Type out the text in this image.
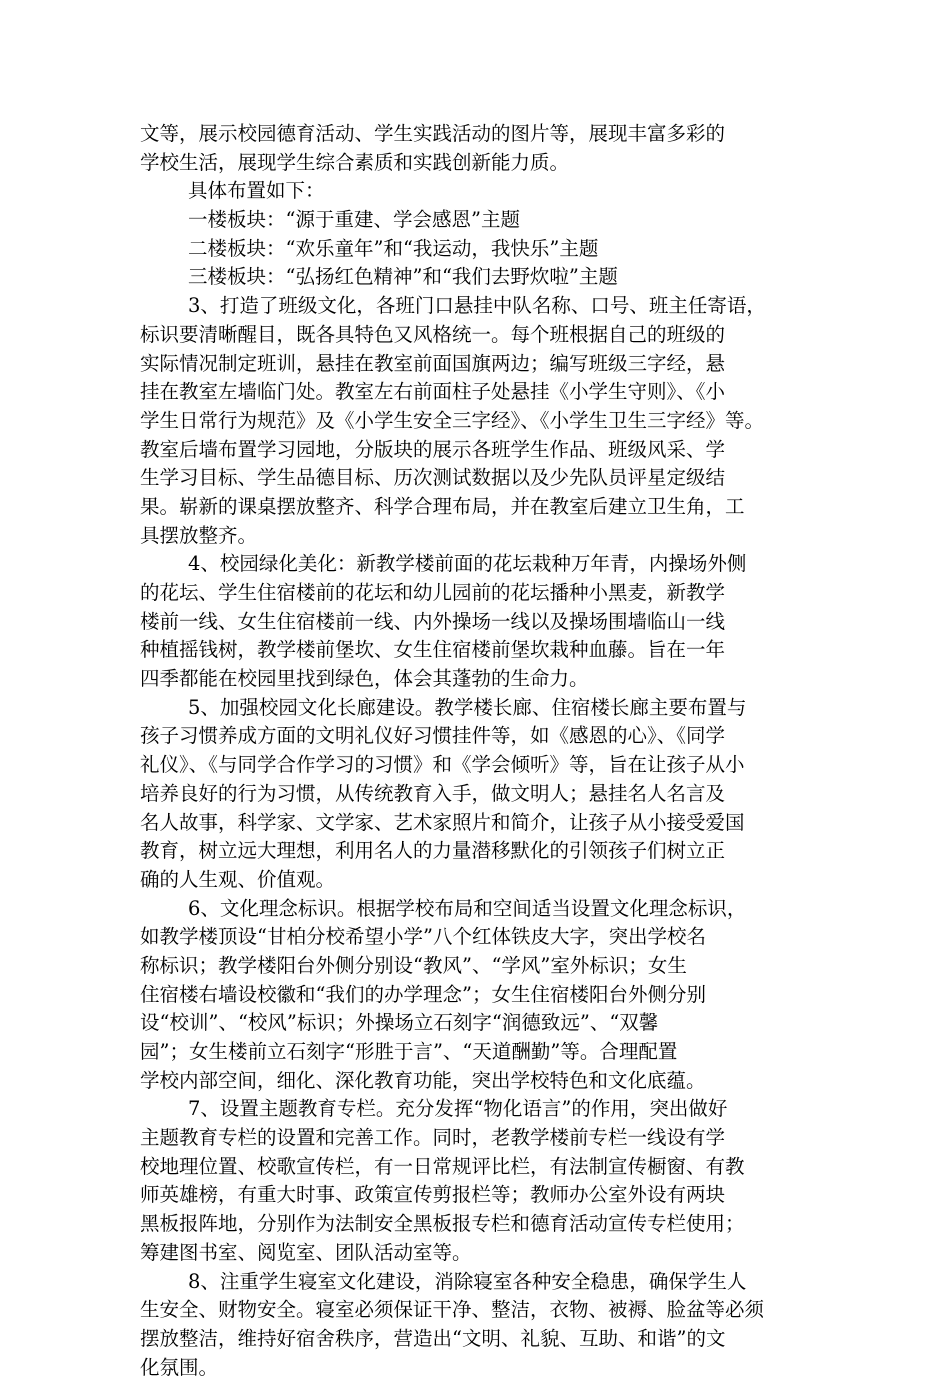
文等，展示校园德育活动、学生实践活动的图片等，展现丰富多彩的
学校生活，展现学生综合素质和实践创新能力质。
具体布置如下：
一楼板块：“源于重建、学会感恩”主题
二楼板块：“欢乐童年”和“我运动，我快乐”主题
三楼板块：“弘扬红色精神”和“我们去野炊啦”主题
3、打造了班级文化，各班门口悬挂中队名称、口号、班主任寄语，
标识要清晰醒目，既各具特色又风格统一。每个班根据自己的班级的
实际情况制定班训，悬挂在教室前面国旗两边；编写班级三字经，悬
挂在教室左墙临门处。教室左右前面柱子处悬挂《小学生守则》、《小
学生日常行为规范》及《小学生安全三字经》、《小学生卫生三字经》等。
教室后墙布置学习园地，分版块的展示各班学生作品、班级风采、学
生学习目标、学生品德目标、历次测试数据以及少先队员评星定级结
果。崭新的课桌摆放整齐、科学合理布局，并在教室后建立卫生角，工
具摆放整齐。
4、校园绿化美化：新教学楼前面的花坛栽种万年青，内操场外侧
的花坛、学生住宿楼前的花坛和幼儿园前的花坛播种小黑麦，新教学
楼前一线、女生住宿楼前一线、内外操场一线以及操场围墙临山一线
种植摇钱树，教学楼前堡坎、女生住宿楼前堡坎栽种血藤。旨在一年
四季都能在校园里找到绿色，体会其蓬勃的生命力。
5、加强校园文化长廊建设。教学楼长廊、住宿楼长廊主要布置与
孩子习惯养成方面的文明礼仪好习惯挂件等，如《感恩的心》、《同学
礼仪》、《与同学合作学习的习惯》和《学会倾听》等，旨在让孩子从小
培养良好的行为习惯，从传统教育入手，做文明人；悬挂名人名言及
名人故事，科学家、文学家、艺术家照片和简介，让孩子从小接受爱国
教育，树立远大理想，利用名人的力量潜移默化的引领孩子们树立正
确的人生观、价值观。
6、文化理念标识。根据学校布局和空间适当设置文化理念标识，
如教学楼顶设“甘柏分校希望小学”八个红体铁皮大字，突出学校名
称标识；教学楼阳台外侧分别设“教风”、“学风”室外标识；女生
住宿楼右墙设校徽和“我们的办学理念”；女生住宿楼阳台外侧分别
设“校训”、“校风”标识；外操场立石刻字“润德致远”、“双馨
园”；女生楼前立石刻字“形胜于言”、“天道酬勤”等。合理配置
学校内部空间，细化、深化教育功能，突出学校特色和文化底蕴。
7、设置主题教育专栏。充分发挥“物化语言”的作用，突出做好
主题教育专栏的设置和完善工作。同时，老教学楼前专栏一线设有学
校地理位置、校歌宣传栏，有一日常规评比栏，有法制宣传橱窗、有教
师英雄榜，有重大时事、政策宣传剪报栏等；教师办公室外设有两块
黑板报阵地，分别作为法制安全黑板报专栏和德育活动宣传专栏使用；
筹建图书室、阅览室、团队活动室等。
8、注重学生寝室文化建设，消除寝室各种安全稳患，确保学生人
生安全、财物安全。寝室必须保证干净、整洁，衣物、被褥、脸盆等必须
摆放整洁，维持好宿舍秩序，营造出“文明、礼貌、互助、和谐”的文
化氛围。
